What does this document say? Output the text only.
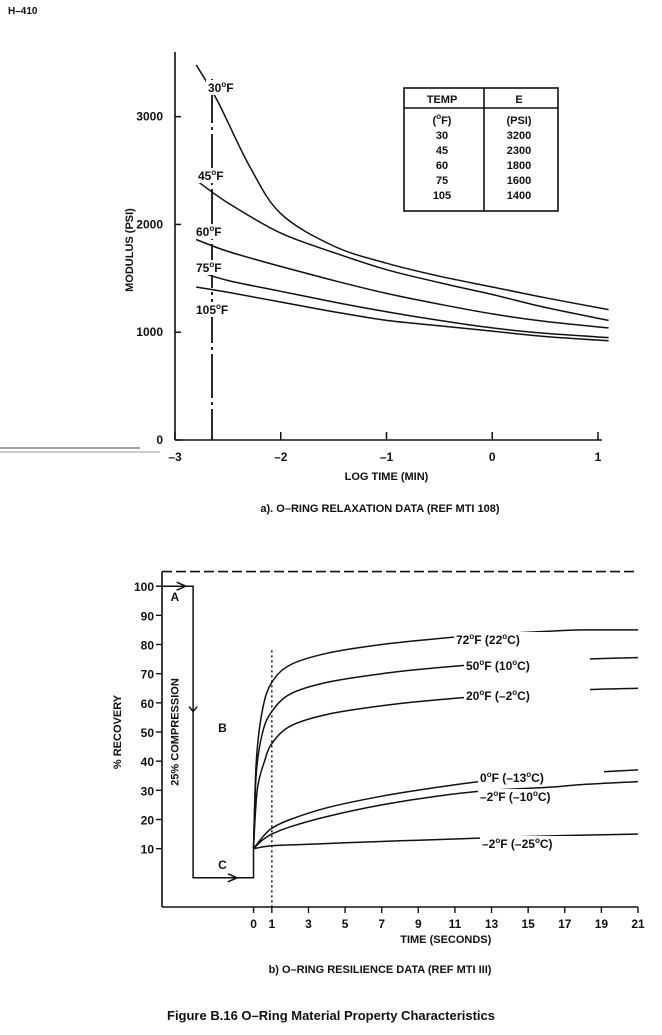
H–410
0
1000
2000
3000
–3	–2	–1	0	1
LOG TIME (MIN)
MODULUS (PSI)
a). O–RING RELAXATION DATA (REF MTI 108)
30$^o$F
45$^o$F
60$^o$F
75$^o$F
105$^o$F
TEMP	E
($^o$F)	(PSI)
30	3200
45	2300
60	1800
75	1600
105	1400
10
20
30
40
50
60
70
80
90
100
0 1 3 5 7 9 11 13 15 17 19 21
TIME (SECONDS)
% RECOVERY
b) O–RING RESILIENCE DATA (REF MTI III)
A
B
C
25% COMPRESSION
72$^o$F (22$^o$C)
50$^o$F (10$^o$C)
20$^o$F (–2$^o$C)
0$^o$F (–13$^o$C)
–2$^o$F (–10$^o$C)
–2$^o$F (–25$^o$C)
Figure B.16 O–Ring Material Property Characteristics
